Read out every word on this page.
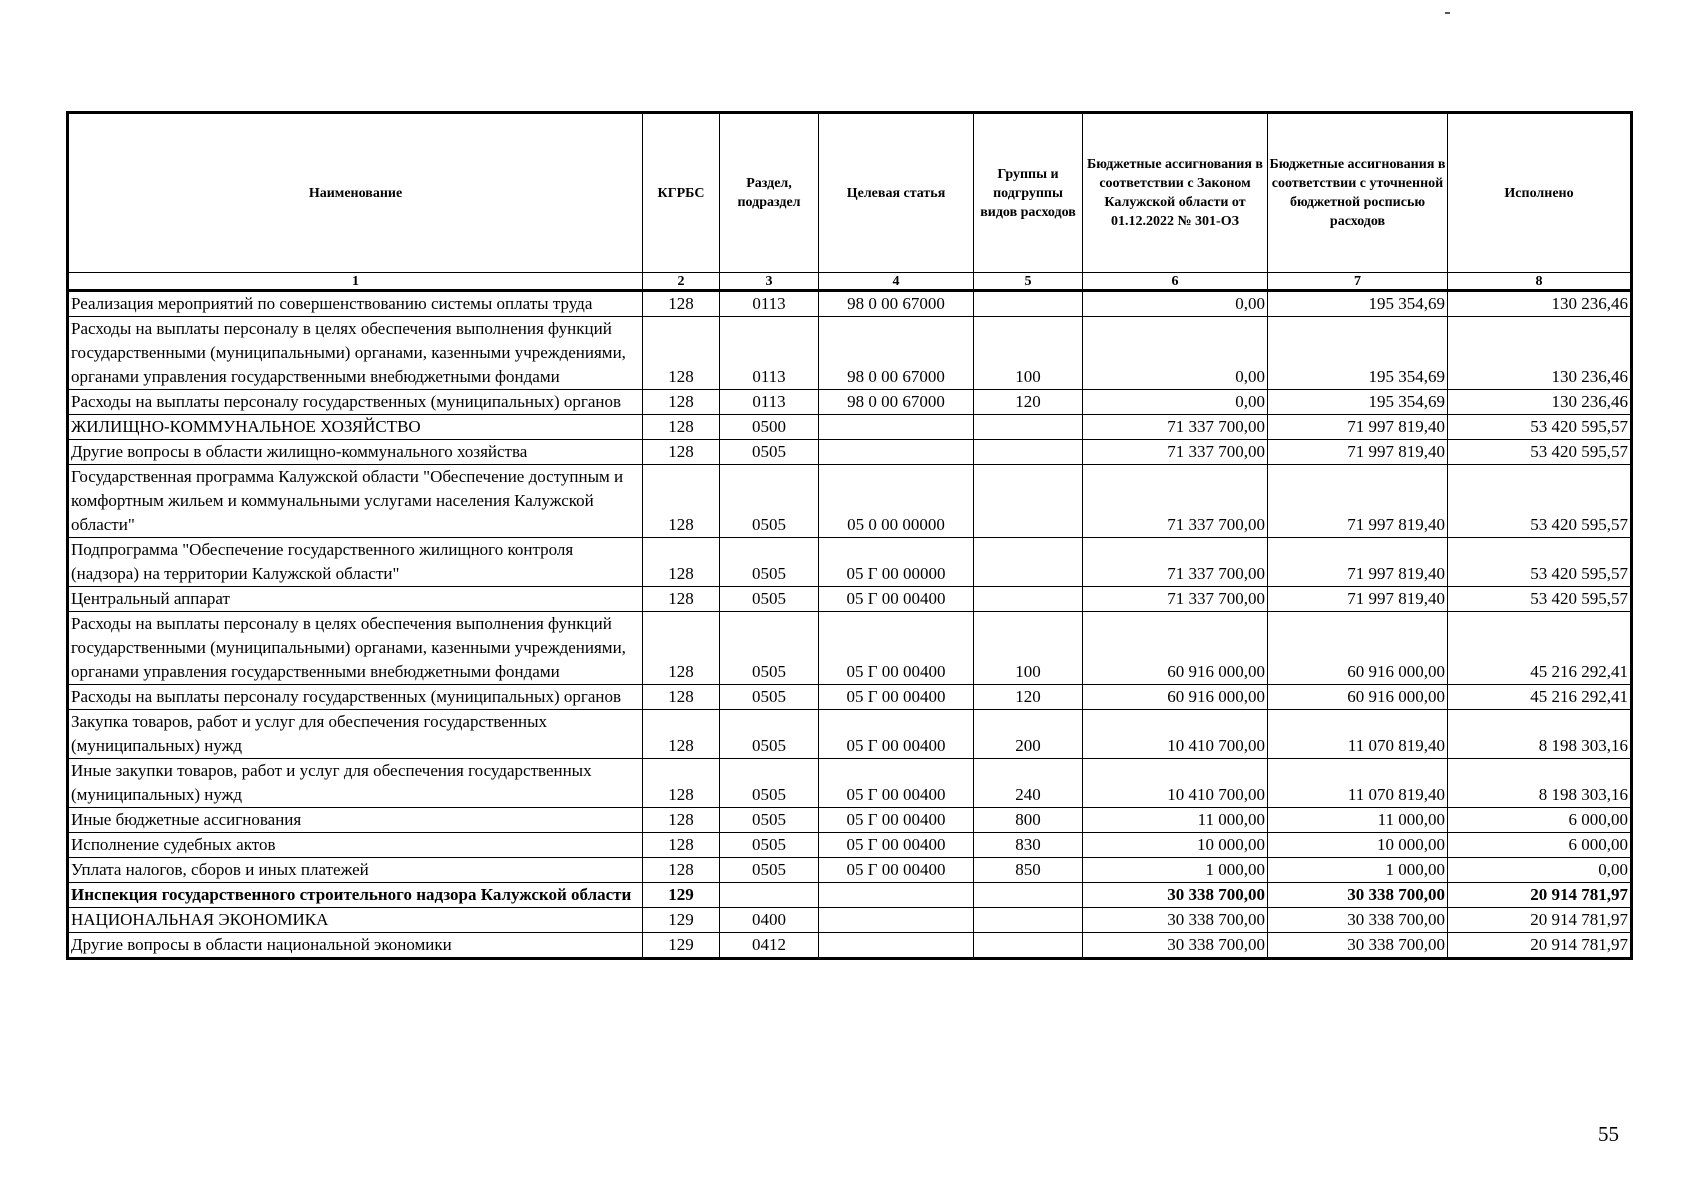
Наименование	КГРБС	Раздел, подраздел	Целевая статья	Группы и подгруппы видов расходов	Бюджетные ассигнования в соответствии с Законом Калужской области от 01.12.2022 № 301-ОЗ	Бюджетные ассигнования в соответствии с уточненной бюджетной росписью расходов	Исполнено
1	2	3	4	5	6	7	8
Реализация мероприятий по совершенствованию системы оплаты труда	128	0113	98 0 00 67000		0,00	195 354,69	130 236,46
Расходы на выплаты персоналу в целях обеспечения выполнения функций государственными (муниципальными) органами, казенными учреждениями, органами управления государственными внебюджетными фондами	128	0113	98 0 00 67000	100	0,00	195 354,69	130 236,46
Расходы на выплаты персоналу государственных (муниципальных) органов	128	0113	98 0 00 67000	120	0,00	195 354,69	130 236,46
ЖИЛИЩНО-КОММУНАЛЬНОЕ ХОЗЯЙСТВО	128	0500			71 337 700,00	71 997 819,40	53 420 595,57
Другие вопросы в области жилищно-коммунального хозяйства	128	0505			71 337 700,00	71 997 819,40	53 420 595,57
Государственная программа Калужской области "Обеспечение доступным и комфортным жильем и коммунальными услугами населения Калужской области"	128	0505	05 0 00 00000		71 337 700,00	71 997 819,40	53 420 595,57
Подпрограмма "Обеспечение государственного жилищного контроля (надзора) на территории Калужской области"	128	0505	05 Г 00 00000		71 337 700,00	71 997 819,40	53 420 595,57
Центральный аппарат	128	0505	05 Г 00 00400		71 337 700,00	71 997 819,40	53 420 595,57
Расходы на выплаты персоналу в целях обеспечения выполнения функций государственными (муниципальными) органами, казенными учреждениями, органами управления государственными внебюджетными фондами	128	0505	05 Г 00 00400	100	60 916 000,00	60 916 000,00	45 216 292,41
Расходы на выплаты персоналу государственных (муниципальных) органов	128	0505	05 Г 00 00400	120	60 916 000,00	60 916 000,00	45 216 292,41
Закупка товаров, работ и услуг для обеспечения государственных (муниципальных) нужд	128	0505	05 Г 00 00400	200	10 410 700,00	11 070 819,40	8 198 303,16
Иные закупки товаров, работ и услуг для обеспечения государственных (муниципальных) нужд	128	0505	05 Г 00 00400	240	10 410 700,00	11 070 819,40	8 198 303,16
Иные бюджетные ассигнования	128	0505	05 Г 00 00400	800	11 000,00	11 000,00	6 000,00
Исполнение судебных актов	128	0505	05 Г 00 00400	830	10 000,00	10 000,00	6 000,00
Уплата налогов, сборов и иных платежей	128	0505	05 Г 00 00400	850	1 000,00	1 000,00	0,00
Инспекция государственного строительного надзора Калужской области	129				30 338 700,00	30 338 700,00	20 914 781,97
НАЦИОНАЛЬНАЯ ЭКОНОМИКА	129	0400			30 338 700,00	30 338 700,00	20 914 781,97
Другие вопросы в области национальной экономики	129	0412			30 338 700,00	30 338 700,00	20 914 781,97
55
